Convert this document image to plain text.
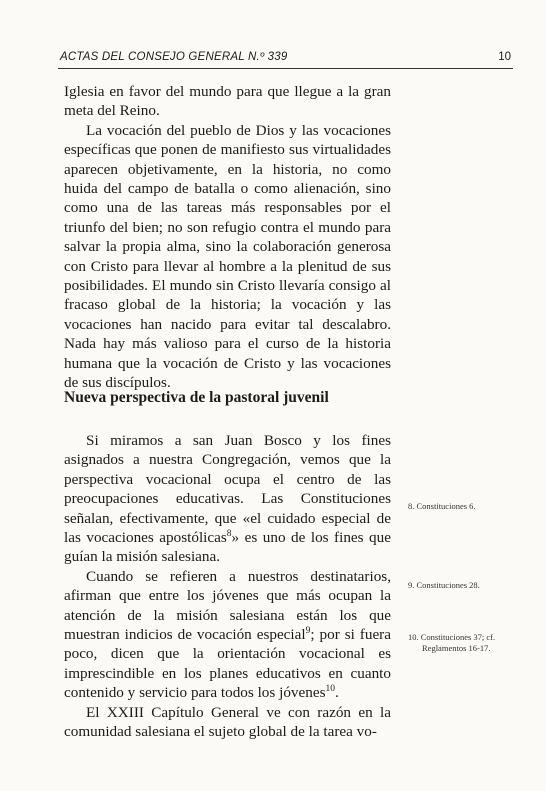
ACTAS DEL CONSEJO GENERAL N.º 339	10

Iglesia en favor del mundo para que llegue a la gran meta del Reino.

La vocación del pueblo de Dios y las vocaciones específicas que ponen de manifiesto sus virtualidades aparecen objetivamente, en la historia, no como huida del campo de batalla o como alienación, sino como una de las tareas más responsables por el triunfo del bien; no son refugio contra el mundo para salvar la propia alma, sino la colaboración generosa con Cristo para llevar al hombre a la plenitud de sus posibilidades. El mundo sin Cristo llevaría consigo al fracaso global de la historia; la vocación y las vocaciones han nacido para evitar tal descalabro. Nada hay más valioso para el curso de la historia humana que la vocación de Cristo y las vocaciones de sus discípulos.

Nueva perspectiva de la pastoral juvenil

Si miramos a san Juan Bosco y los fines asignados a nuestra Congregación, vemos que la perspectiva vocacional ocupa el centro de las preocupaciones educativas. Las Constituciones señalan, efectivamente, que «el cuidado especial de las vocaciones apostólicas$^8$» es uno de los fines que guían la misión salesiana.

Cuando se refieren a nuestros destinatarios, afirman que entre los jóvenes que más ocupan la atención de la misión salesiana están los que muestran indicios de vocación especial$^9$; por si fuera poco, dicen que la orientación vocacional es imprescindible en los planes educativos en cuanto contenido y servicio para todos los jóvenes$^{10}$.

El XXIII Capítulo General ve con razón en la comunidad salesiana el sujeto global de la tarea vo-

8. Constituciones 6.
9. Constituciones 28.
10. Constituciones 37; cf.
Reglamentos 16-17.
